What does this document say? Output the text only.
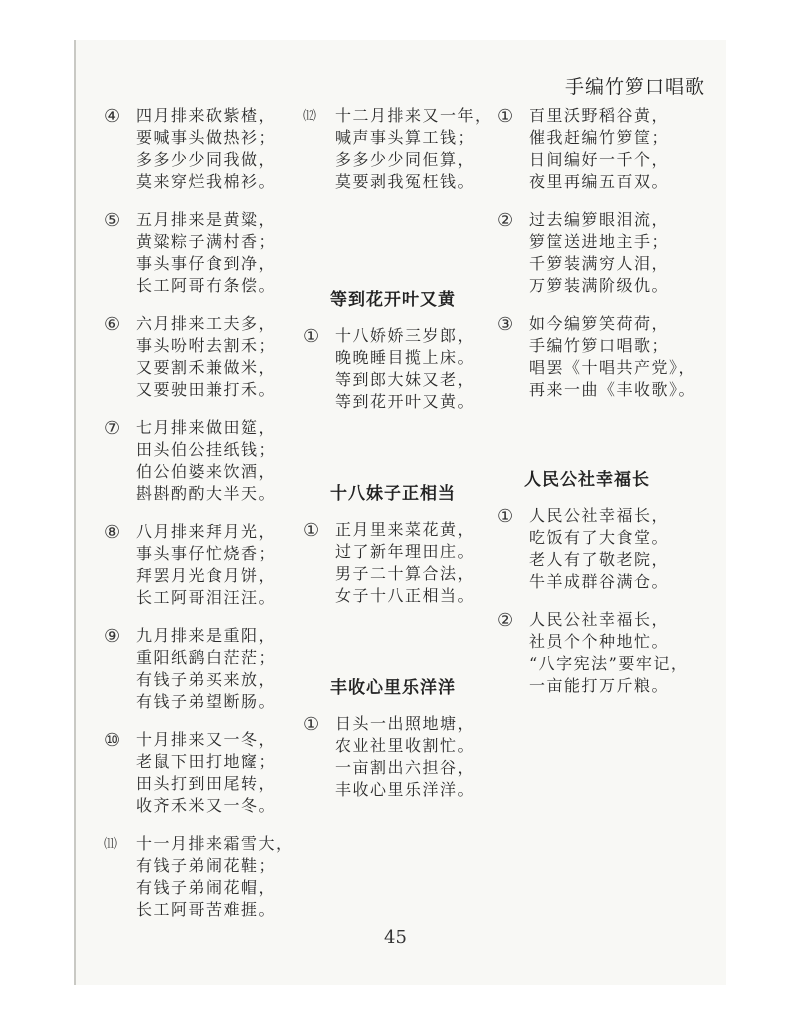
手编竹箩口唱歌
④ 四月排来砍紫楂，
要喊事头做热衫；
多多少少同我做，
莫来穿烂我棉衫。
⑤ 五月排来是黄粱，
黄粱粽子满村香；
事头事仔食到净，
长工阿哥冇条偿。
⑥ 六月排来工夫多，
事头吩咐去割禾；
又要割禾兼做米，
又要驶田兼打禾。
⑦ 七月排来做田筵，
田头伯公挂纸钱；
伯公伯婆来饮酒，
斟斟酌酌大半天。
⑧ 八月排来拜月光，
事头事仔忙烧香；
拜罢月光食月饼，
长工阿哥泪汪汪。
⑨ 九月排来是重阳，
重阳纸鹞白茫茫；
有钱子弟买来放，
有钱子弟望断肠。
⑩ 十月排来又一冬，
老鼠下田打地窿；
田头打到田尾转，
收齐禾米又一冬。
⑾	十一月排来霜雪大，
有钱子弟闹花鞋；
有钱子弟闹花帽，
长工阿哥苦难捱。
⑿	十二月排来又一年，
喊声事头算工钱；
多多少少同佢算，
莫要剥我冤枉钱。
等到花开叶又黄
① 十八娇娇三岁郎，
晚晚睡目揽上床。
等到郎大妹又老，
等到花开叶又黄。
十八妹子正相当
① 正月里来菜花黄，
过了新年理田庄。
男子二十算合法，
女子十八正相当。
丰收心里乐洋洋
① 日头一出照地塘，
农业社里收割忙。
一亩割出六担谷，
丰收心里乐洋洋。
① 百里沃野稻谷黄，
催我赶编竹箩筐；
日间编好一千个，
夜里再编五百双。
② 过去编箩眼泪流，
箩筐送进地主手；
千箩装满穷人泪，
万箩装满阶级仇。
③ 如今编箩笑荷荷，
手编竹箩口唱歌；
唱罢《十唱共产党》，
再来一曲《丰收歌》。
人民公社幸福长
① 人民公社幸福长，
吃饭有了大食堂。
老人有了敬老院，
牛羊成群谷满仓。
② 人民公社幸福长，
社员个个种地忙。
“八字宪法”要牢记，
一亩能打万斤粮。
45
